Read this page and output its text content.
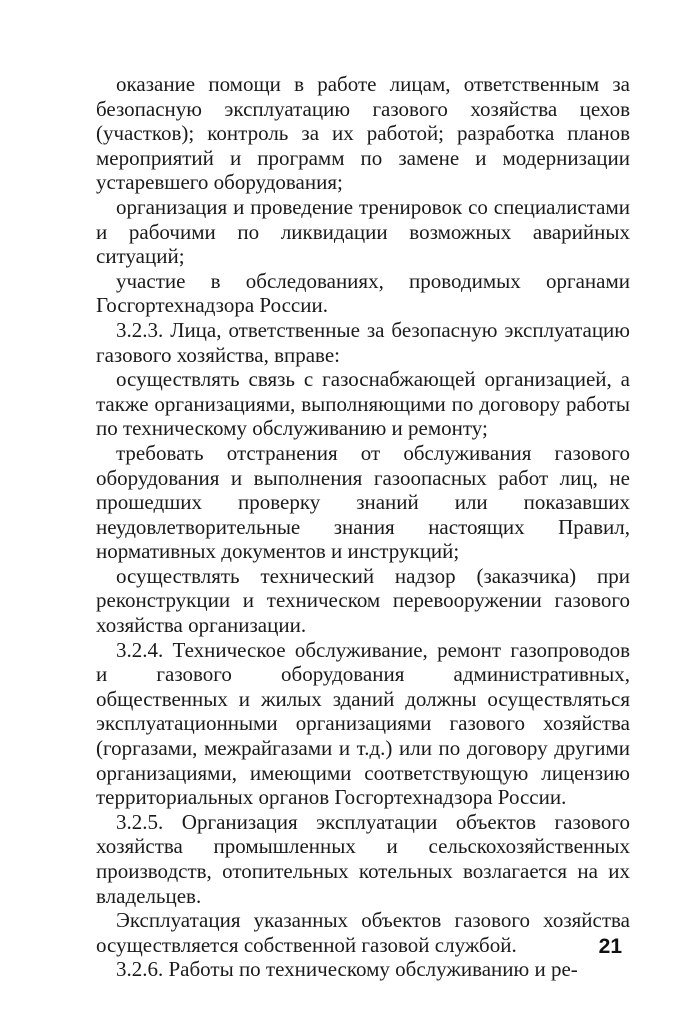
оказание помощи в работе лицам, ответственным за безопасную эксплуатацию газового хозяйства цехов (участков); контроль за их работой; разработка планов мероприятий и программ по замене и модернизации устаревшего оборудования;

организация и проведение тренировок со специалистами и рабочими по ликвидации возможных аварийных ситуаций;

участие в обследованиях, проводимых органами Госгортехнадзора России.

3.2.3. Лица, ответственные за безопасную эксплуатацию газового хозяйства, вправе:

осуществлять связь с газоснабжающей организацией, а также организациями, выполняющими по договору работы по техническому обслуживанию и ремонту;

требовать отстранения от обслуживания газового оборудования и выполнения газоопасных работ лиц, не прошедших проверку знаний или показавших неудовлетворительные знания настоящих Правил, нормативных документов и инструкций;

осуществлять технический надзор (заказчика) при реконструкции и техническом перевооружении газового хозяйства организации.

3.2.4. Техническое обслуживание, ремонт газопроводов и газового оборудования административных, общественных и жилых зданий должны осуществляться эксплуатационными организациями газового хозяйства (горгазами, межрайгазами и т.д.) или по договору другими организациями, имеющими соответствующую лицензию территориальных органов Госгортехнадзора России.

3.2.5. Организация эксплуатации объектов газового хозяйства промышленных и сельскохозяйственных производств, отопительных котельных возлагается на их владельцев.

Эксплуатация указанных объектов газового хозяйства осуществляется собственной газовой службой.

3.2.6. Работы по техническому обслуживанию и ре-

21
